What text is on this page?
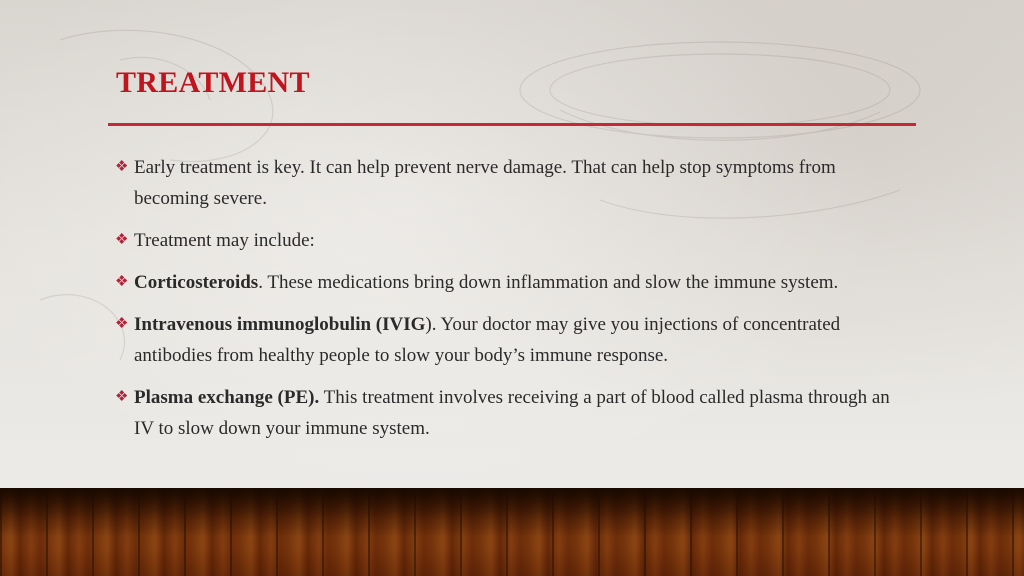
TREATMENT
❖ Early treatment is key. It can help prevent nerve damage. That can help stop symptoms from becoming severe.
❖ Treatment may include:
❖ Corticosteroids. These medications bring down inflammation and slow the immune system.
❖ Intravenous immunoglobulin (IVIG). Your doctor may give you injections of concentrated antibodies from healthy people to slow your body’s immune response.
❖ Plasma exchange (PE). This treatment involves receiving a part of blood called plasma through an IV to slow down your immune system.
